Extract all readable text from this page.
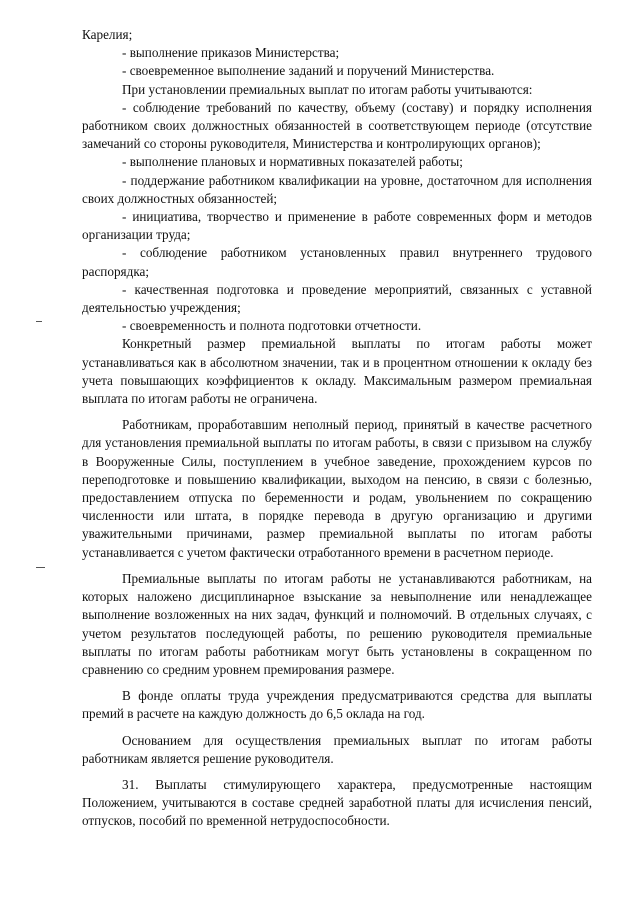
Карелия;

- выполнение приказов Министерства;

- своевременное выполнение заданий и поручений Министерства.

При установлении премиальных выплат по итогам работы учитываются:

- соблюдение требований по качеству, объему (составу) и порядку исполнения работником своих должностных обязанностей в соответствующем периоде (отсутствие замечаний со стороны руководителя, Министерства и контролирующих органов);

- выполнение плановых и нормативных показателей работы;

- поддержание работником квалификации на уровне, достаточном для исполнения своих должностных обязанностей;

- инициатива, творчество и применение в работе современных форм и методов организации труда;

- соблюдение работником установленных правил внутреннего трудового распорядка;

- качественная подготовка и проведение мероприятий, связанных с уставной деятельностью учреждения;

- своевременность и полнота подготовки отчетности.

Конкретный размер премиальной выплаты по итогам работы может устанавливаться как в абсолютном значении, так и в процентном отношении к окладу без учета повышающих коэффициентов к окладу. Максимальным размером премиальная выплата по итогам работы не ограничена.

Работникам, проработавшим неполный период, принятый в качестве расчетного для установления премиальной выплаты по итогам работы, в связи с призывом на службу в Вооруженные Силы, поступлением в учебное заведение, прохождением курсов по переподготовке и повышению квалификации, выходом на пенсию, в связи с болезнью, предоставлением отпуска по беременности и родам, увольнением по сокращению численности или штата, в порядке перевода в другую организацию и другими уважительными причинами, размер премиальной выплаты по итогам работы устанавливается с учетом фактически отработанного времени в расчетном периоде.

Премиальные выплаты по итогам работы не устанавливаются работникам, на которых наложено дисциплинарное взыскание за невыполнение или ненадлежащее выполнение возложенных на них задач, функций и полномочий. В отдельных случаях, с учетом результатов последующей работы, по решению руководителя премиальные выплаты по итогам работы работникам могут быть установлены в сокращенном по сравнению со средним уровнем премирования размере.

В фонде оплаты труда учреждения предусматриваются средства для выплаты премий в расчете на каждую должность до 6,5 оклада на год.

Основанием для осуществления премиальных выплат по итогам работы работникам является решение руководителя.

31. Выплаты стимулирующего характера, предусмотренные настоящим Положением, учитываются в составе средней заработной платы для исчисления пенсий, отпусков, пособий по временной нетрудоспособности.
